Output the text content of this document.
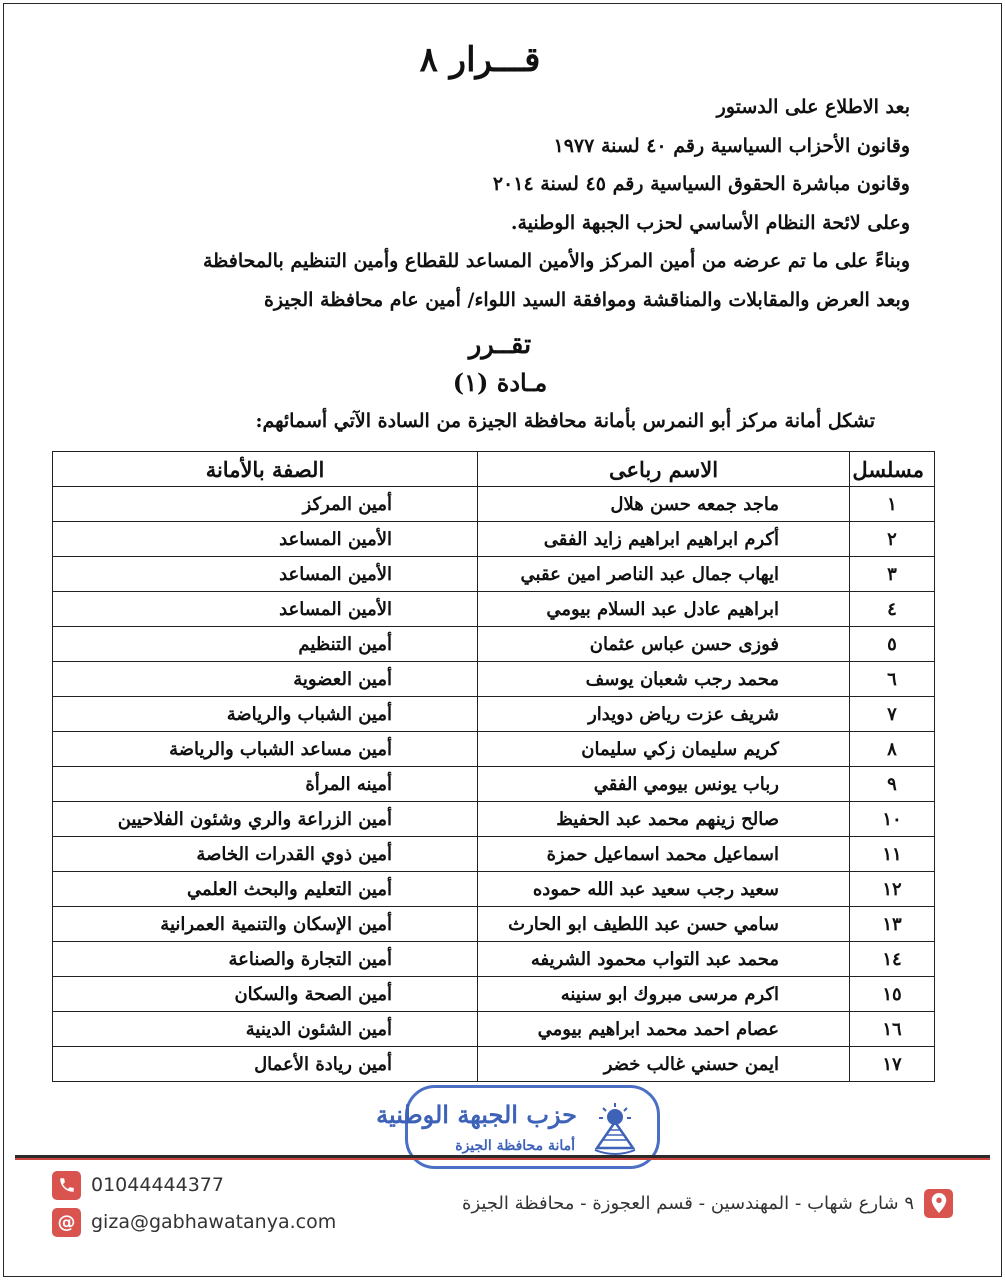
قـــرار ٨
بعد الاطلاع على الدستور
وقانون الأحزاب السياسية رقم ٤٠ لسنة ١٩٧٧
وقانون مباشرة الحقوق السياسية رقم ٤٥ لسنة ٢٠١٤
وعلى لائحة النظام الأساسي لحزب الجبهة الوطنية.
وبناءً على ما تم عرضه من أمين المركز والأمين المساعد للقطاع وأمين التنظيم بالمحافظة
وبعد العرض والمقابلات والمناقشة وموافقة السيد اللواء/ أمين عام محافظة الجيزة
تقــرر
مـادة (١)
تشكل أمانة مركز أبو النمرس بأمانة محافظة الجيزة من السادة الآتي أسمائهم:
مسلسل	الاسم رباعى	الصفة بالأمانة
١	ماجد جمعه حسن هلال	أمين المركز
٢	أكرم ابراهيم ابراهيم زايد الفقى	الأمين المساعد
٣	ايهاب جمال عبد الناصر امين عقبي	الأمين المساعد
٤	ابراهيم عادل عبد السلام بيومي	الأمين المساعد
٥	فوزى حسن عباس عثمان	أمين التنظيم
٦	محمد رجب شعبان يوسف	أمين العضوية
٧	شريف عزت رياض دويدار	أمين الشباب والرياضة
٨	كريم سليمان زكي سليمان	أمين مساعد الشباب والرياضة
٩	رباب يونس بيومي الفقي	أمينه المرأة
١٠	صالح زينهم محمد عبد الحفيظ	أمين الزراعة والري وشئون الفلاحيين
١١	اسماعيل محمد اسماعيل حمزة	أمين ذوي القدرات الخاصة
١٢	سعيد رجب سعيد عبد الله حموده	أمين التعليم والبحث العلمي
١٣	سامي حسن عبد اللطيف ابو الحارث	أمين الإسكان والتنمية العمرانية
١٤	محمد عبد التواب محمود الشريفه	أمين التجارة والصناعة
١٥	اكرم مرسى مبروك ابو سنينه	أمين الصحة والسكان
١٦	عصام احمد محمد ابراهيم بيومي	أمين الشئون الدينية
١٧	ايمن حسني غالب خضر	أمين ريادة الأعمال
حزب الجبهة الوطنية
أمانة محافظة الجيزة
01044444377
@ giza@gabhawatanya.com
٩ شارع شهاب - المهندسين - قسم العجوزة - محافظة الجيزة
